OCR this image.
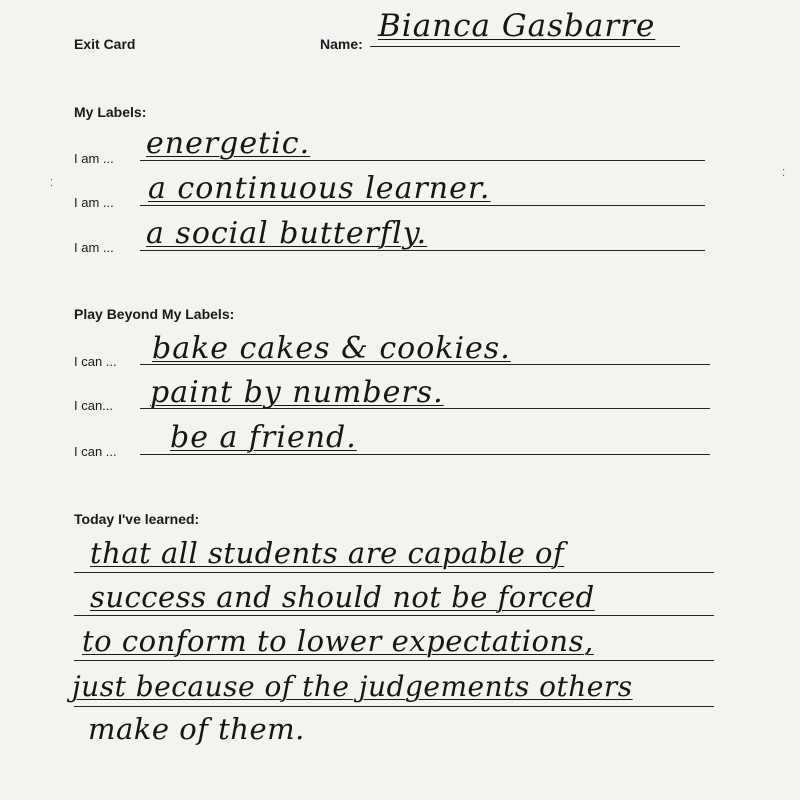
Exit Card	Name: Bianca Gasbarre
My Labels:
I am ... energetic.
I am ... a continuous learner.
I am ... a social butterfly.
Play Beyond My Labels:
I can ... bake cakes & cookies.
I can... paint by numbers.
I can ... be a friend.
Today I've learned:
that all students are capable of
success and should not be forced
to conform to lower expectations,
just because of the judgements others
make of them.
⁚
⁚
